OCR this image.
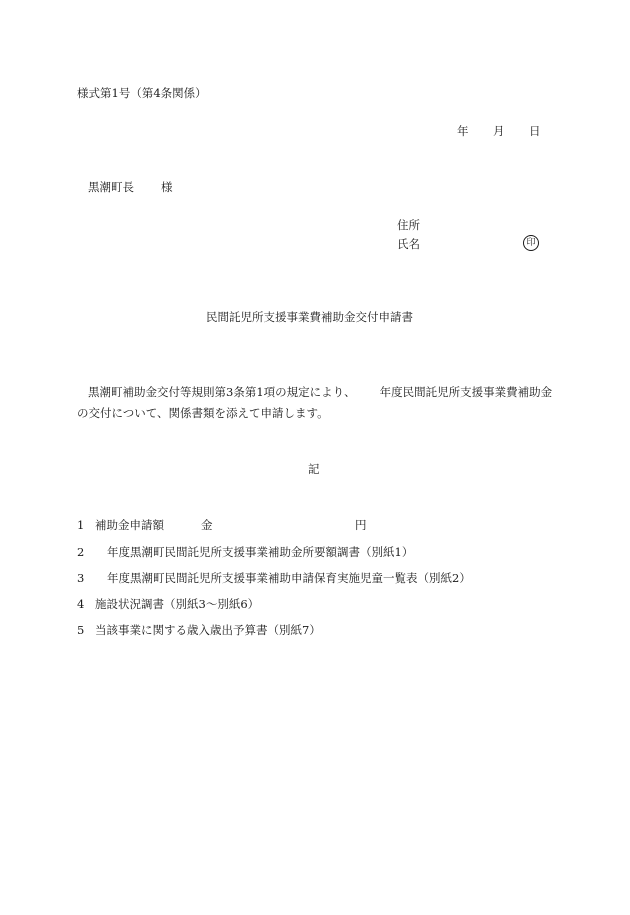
様式第1号（第4条関係）
年 月 日
黒潮町長 様
住所
氏名	印
民間託児所支援事業費補助金交付申請書
黒潮町補助金交付等規則第3条第1項の規定により、 年度民間託児所支援事業費補助金
の交付について、関係書類を添えて申請します。
記
1 補助金申請額	金	円
2 年度黒潮町民間託児所支援事業補助金所要額調書（別紙1）
3 年度黒潮町民間託児所支援事業補助申請保育実施児童一覧表（別紙2）
4 施設状況調書（別紙3～別紙6）
5 当該事業に関する歳入歳出予算書（別紙7）
